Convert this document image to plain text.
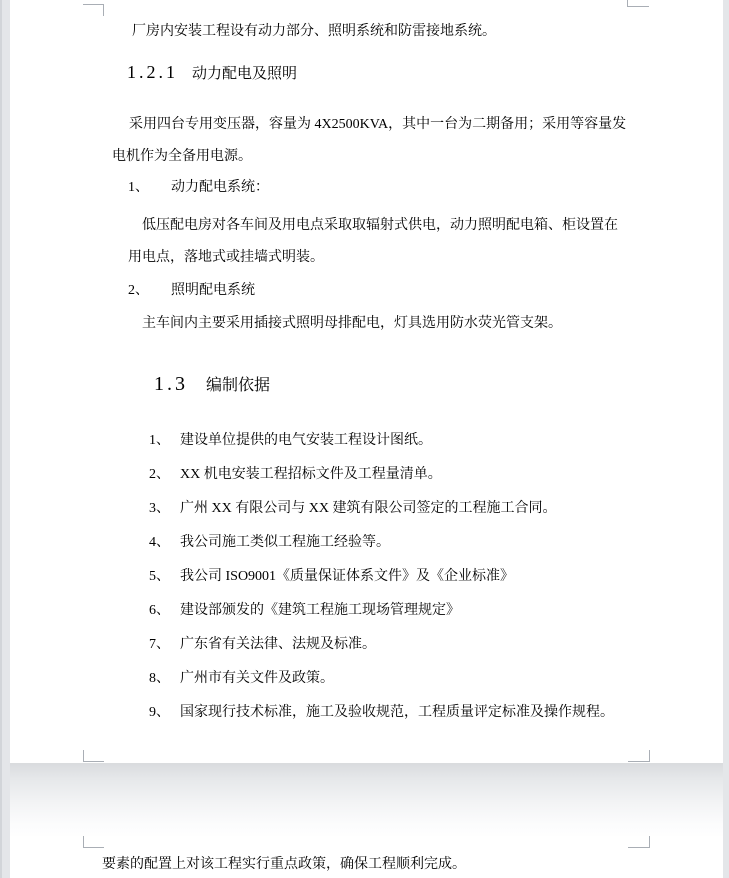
厂房内安装工程设有动力部分、照明系统和防雷接地系统。
1.2.1 动力配电及照明
采用四台专用变压器，容量为 4X2500KVA，其中一台为二期备用；采用等容量发
电机作为全备用电源。
1、 动力配电系统：
低压配电房对各车间及用电点采取取辐射式供电，动力照明配电箱、柜设置在
用电点，落地式或挂墙式明装。
2、 照明配电系统
主车间内主要采用插接式照明母排配电，灯具选用防水荧光管支架。
1.3 编制依据
1、 建设单位提供的电气安装工程设计图纸。
2、 XX 机电安装工程招标文件及工程量清单。
3、 广州 XX 有限公司与 XX 建筑有限公司签定的工程施工合同。
4、 我公司施工类似工程施工经验等。
5、 我公司 ISO9001《质量保证体系文件》及《企业标准》
6、 建设部颁发的《建筑工程施工现场管理规定》
7、 广东省有关法律、法规及标准。
8、 广州市有关文件及政策。
9、 国家现行技术标准，施工及验收规范，工程质量评定标准及操作规程。
要素的配置上对该工程实行重点政策，确保工程顺利完成。
